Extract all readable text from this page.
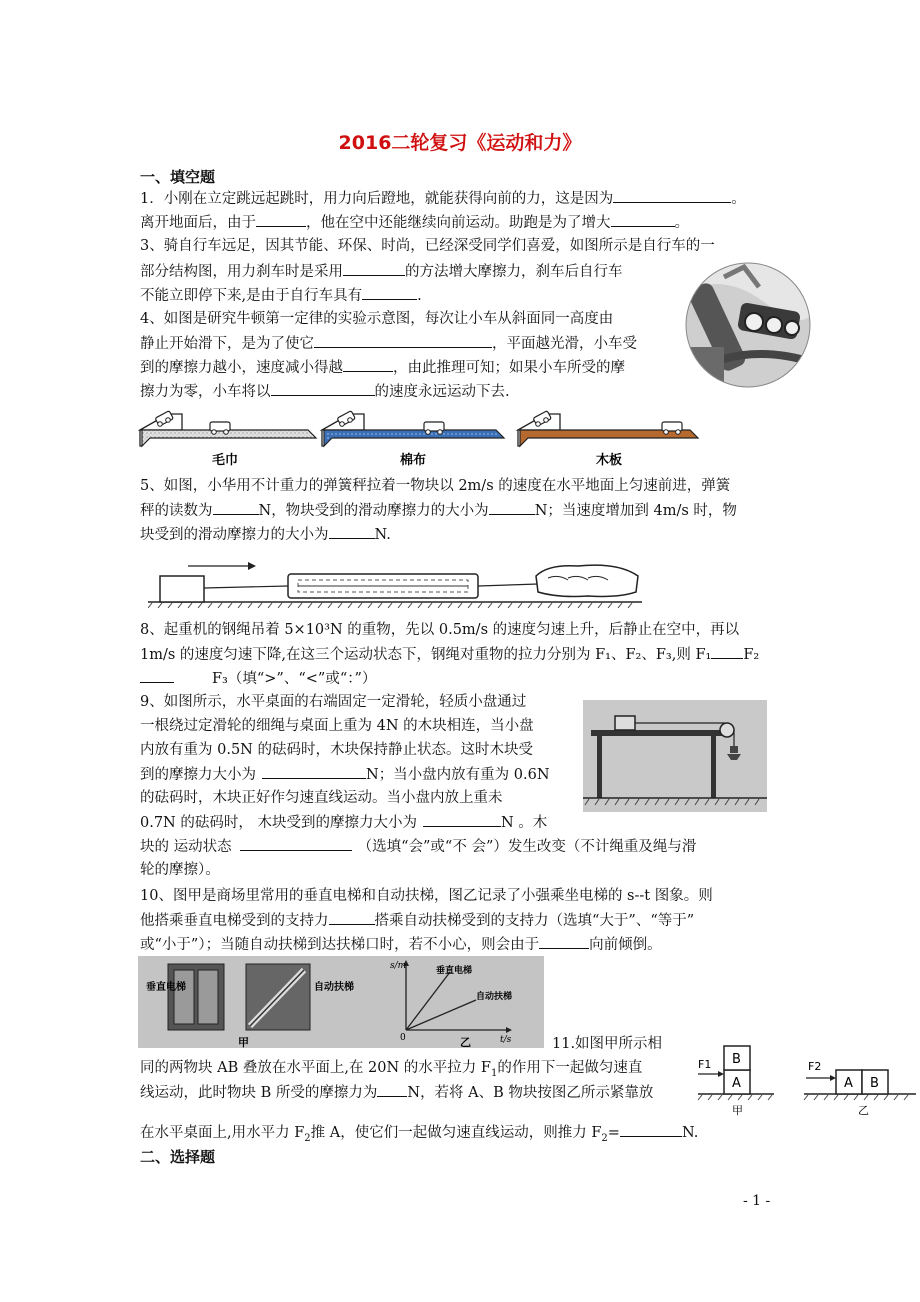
2016二轮复习《运动和力》
一、填空题
1．小刚在立定跳远起跳时，用力向后蹬地，就能获得向前的力，这是因为	。
离开地面后，由于	，他在空中还能继续向前运动。助跑是为了增大	。
3、骑自行车远足，因其节能、环保、时尚，已经深受同学们喜爱，如图所示是自行车的一
部分结构图，用力刹车时是采用	的方法增大摩擦力，刹车后自行车
不能立即停下来,是由于自行车具有	.
4、如图是研究牛顿第一定律的实验示意图，每次让小车从斜面同一高度由
静止开始滑下，是为了使它	，平面越光滑，小车受
到的摩擦力越小，速度减小得越	，由此推理可知；如果小车所受的摩
擦力为零，小车将以	的速度永远运动下去.
毛巾	棉布	木板
5、如图，小华用不计重力的弹簧秤拉着一物块以 2m/s 的速度在水平地面上匀速前进，弹簧
秤的读数为	N，物块受到的滑动摩擦力的大小为	N；当速度增加到 4m/s 时，物
块受到的滑动摩擦力的大小为	N.
8、起重机的钢绳吊着 5×10³N 的重物，先以 0.5m/s 的速度匀速上升，后静止在空中，再以
1m/s 的速度匀速下降,在这三个运动状态下，钢绳对重物的拉力分别为 F₁、F₂、F₃,则 F₁ F₂
F₃（填“>”、“<”或“：”）
9、如图所示，水平桌面的右端固定一定滑轮，轻质小盘通过
一根绕过定滑轮的细绳与桌面上重为 4N 的木块相连，当小盘
内放有重为 0.5N 的砝码时，木块保持静止状态。这时木块受
到的摩擦力大小为	N；当小盘内放有重为 0.6N
的砝码时，木块正好作匀速直线运动。当小盘内放上重未
0.7N 的砝码时， 木块受到的摩擦力大小为	N 。木
块的 运动状态	（选填“会”或“不 会”）发生改变（不计绳重及绳与滑
轮的摩擦）。
10、图甲是商场里常用的垂直电梯和自动扶梯，图乙记录了小强乘坐电梯的 s--t 图象。则
他搭乘垂直电梯受到的支持力	搭乘自动扶梯受到的支持力（选填“大于”、“等于”
或“小于”）；当随自动扶梯到达扶梯口时，若不小心，则会由于	向前倾倒。
垂直电梯	自动扶梯
甲
s/m
t/s
0
垂直电梯
自动扶梯
乙	11.如图甲所示相
同的两物块 AB 叠放在水平面上,在 20N 的水平拉力 $F_1$的作用下一起做匀速直
线运动，此时物块 B 所受的摩擦力为 N，若将 A、B 物块按图乙所示紧靠放
在水平桌面上,用水平力 $F_2$推 A，使它们一起做匀速直线运动，则推力 $F_2=$	N.
A
B
F1
甲
A B
F2
乙
二、选择题
- 1 -
